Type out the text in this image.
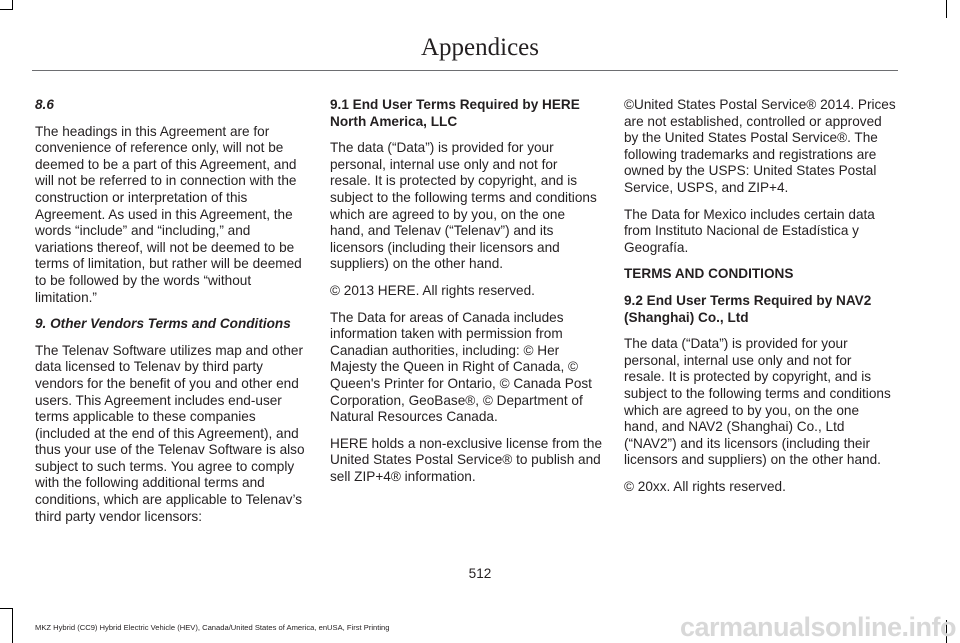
Appendices

8.6

The headings in this Agreement are for convenience of reference only, will not be deemed to be a part of this Agreement, and will not be referred to in connection with the construction or interpretation of this Agreement. As used in this Agreement, the words “include” and “including,” and variations thereof, will not be deemed to be terms of limitation, but rather will be deemed to be followed by the words “without limitation.”

9. Other Vendors Terms and Conditions

The Telenav Software utilizes map and other data licensed to Telenav by third party vendors for the benefit of you and other end users. This Agreement includes end-user terms applicable to these companies (included at the end of this Agreement), and thus your use of the Telenav Software is also subject to such terms. You agree to comply with the following additional terms and conditions, which are applicable to Telenav’s third party vendor licensors:

9.1 End User Terms Required by HERE North America, LLC

The data (“Data”) is provided for your personal, internal use only and not for resale. It is protected by copyright, and is subject to the following terms and conditions which are agreed to by you, on the one hand, and Telenav (“Telenav”) and its licensors (including their licensors and suppliers) on the other hand.

© 2013 HERE. All rights reserved.

The Data for areas of Canada includes information taken with permission from Canadian authorities, including: © Her Majesty the Queen in Right of Canada, © Queen's Printer for Ontario, © Canada Post Corporation, GeoBase®, © Department of Natural Resources Canada.

HERE holds a non-exclusive license from the United States Postal Service® to publish and sell ZIP+4® information.

©United States Postal Service® 2014. Prices are not established, controlled or approved by the United States Postal Service®. The following trademarks and registrations are owned by the USPS: United States Postal Service, USPS, and ZIP+4.

The Data for Mexico includes certain data from Instituto Nacional de Estadística y Geografía.

TERMS AND CONDITIONS

9.2 End User Terms Required by NAV2 (Shanghai) Co., Ltd

The data (“Data”) is provided for your personal, internal use only and not for resale. It is protected by copyright, and is subject to the following terms and conditions which are agreed to by you, on the one hand, and NAV2 (Shanghai) Co., Ltd (“NAV2”) and its licensors (including their licensors and suppliers) on the other hand.

© 20xx. All rights reserved.

512
MKZ Hybrid (CC9) Hybrid Electric Vehicle (HEV), Canada/United States of America, enUSA, First Printing	carmanualsonline.info
